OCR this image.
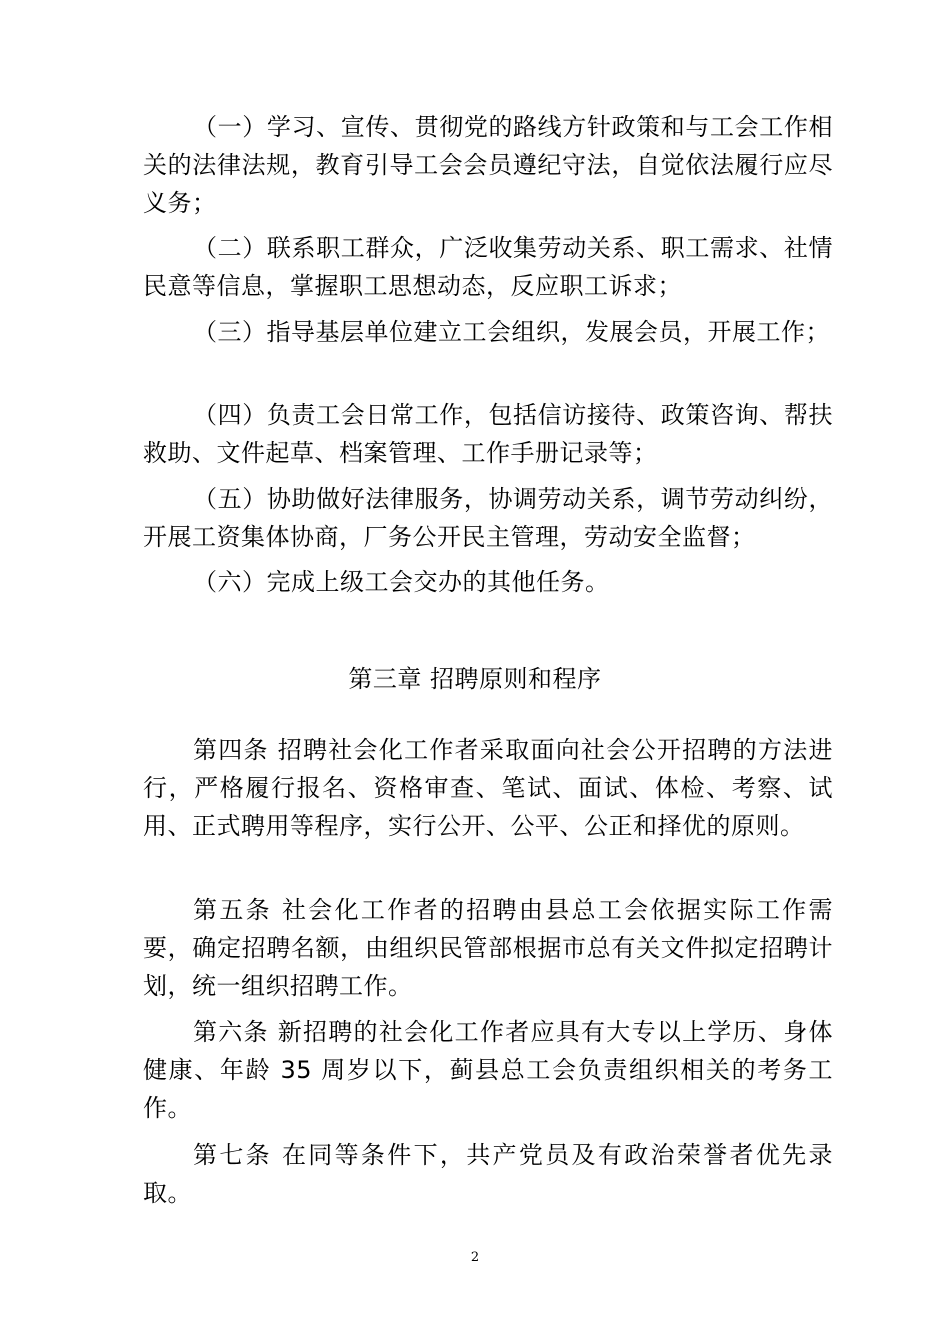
（一）学习、宣传、贯彻党的路线方针政策和与工会工作相关的法律法规，教育引导工会会员遵纪守法，自觉依法履行应尽义务；

（二）联系职工群众，广泛收集劳动关系、职工需求、社情民意等信息，掌握职工思想动态，反应职工诉求；

（三）指导基层单位建立工会组织，发展会员，开展工作；

（四）负责工会日常工作，包括信访接待、政策咨询、帮扶救助、文件起草、档案管理、工作手册记录等；

（五）协助做好法律服务，协调劳动关系，调节劳动纠纷，开展工资集体协商，厂务公开民主管理，劳动安全监督；

（六）完成上级工会交办的其他任务。

第三章 招聘原则和程序

第四条 招聘社会化工作者采取面向社会公开招聘的方法进行，严格履行报名、资格审查、笔试、面试、体检、考察、试用、正式聘用等程序，实行公开、公平、公正和择优的原则。

第五条 社会化工作者的招聘由县总工会依据实际工作需要，确定招聘名额，由组织民管部根据市总有关文件拟定招聘计划，统一组织招聘工作。

第六条 新招聘的社会化工作者应具有大专以上学历、身体健康、年龄 35 周岁以下，蓟县总工会负责组织相关的考务工作。

第七条 在同等条件下，共产党员及有政治荣誉者优先录取。

2
